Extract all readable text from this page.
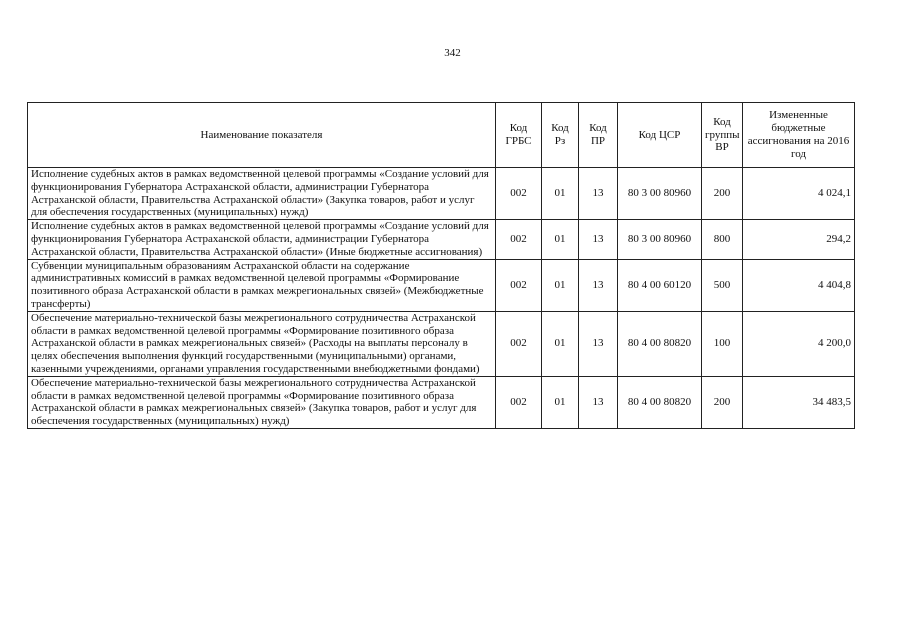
342
Наименование показателя	Код ГРБС	Код Рз	Код ПР	Код ЦСР	Код группы ВР	Измененные бюджетные ассигнования на 2016 год
Исполнение судебных актов в рамках ведомственной целевой программы «Создание условий для функционирования Губернатора Астраханской области, администрации Губернатора Астраханской области, Правительства Астраханской области» (Закупка товаров, работ и услуг для обеспечения государственных (муниципальных) нужд)	002	01	13	80 3 00 80960	200	4 024,1
Исполнение судебных актов в рамках ведомственной целевой программы «Создание условий для функционирования Губернатора Астраханской области, администрации Губернатора Астраханской области, Правительства Астраханской области» (Иные бюджетные ассигнования)	002	01	13	80 3 00 80960	800	294,2
Субвенции муниципальным образованиям Астраханской области на содержание административных комиссий в рамках ведомственной целевой программы «Формирование позитивного образа Астраханской области в рамках межрегиональных связей» (Межбюджетные трансферты)	002	01	13	80 4 00 60120	500	4 404,8
Обеспечение материально-технической базы межрегионального сотрудничества Астраханской области в рамках ведомственной целевой программы «Формирование позитивного образа Астраханской области в рамках межрегиональных связей» (Расходы на выплаты персоналу в целях обеспечения выполнения функций государственными (муниципальными) органами, казенными учреждениями, органами управления государственными внебюджетными фондами)	002	01	13	80 4 00 80820	100	4 200,0
Обеспечение материально-технической базы межрегионального сотрудничества Астраханской области в рамках ведомственной целевой программы «Формирование позитивного образа Астраханской области в рамках межрегиональных связей» (Закупка товаров, работ и услуг для обеспечения государственных (муниципальных) нужд)	002	01	13	80 4 00 80820	200	34 483,5
